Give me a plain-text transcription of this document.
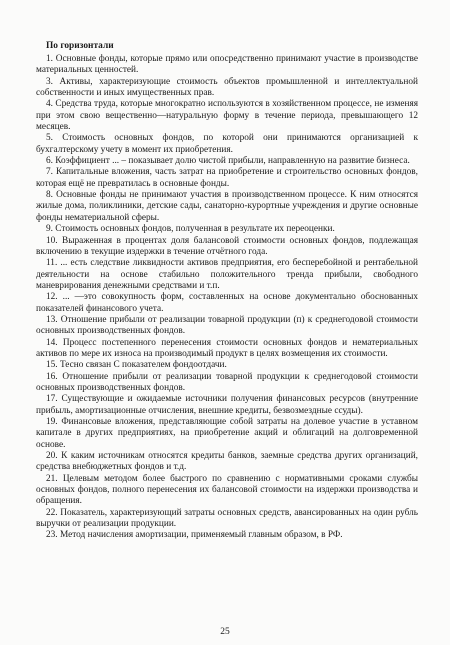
По горизонтали

1. Основные фонды, которые прямо или опосредственно принимают участие в производстве материальных ценностей.

3. Активы, характеризующие стоимость объектов промышленной и интеллектуальной собственности и иных имущественных прав.

4. Средства труда, которые многократно используются в хозяйственном процессе, не изменяя при этом свою вещественно—натуральную форму в течение периода, превышающего 12 месяцев.

5. Стоимость основных фондов, по которой они принимаются организацией к бухгалтерскому учету в момент их приобретения.

6. Коэффициент ... – показывает долю чистой прибыли, направленную на развитие бизнеса.

7. Капитальные вложения, часть затрат на приобретение и строительство основных фондов, которая ещё не превратилась в основные фонды.

8. Основные фонды не принимают участия в производственном процессе. К ним относятся жилые дома, поликлиники, детские сады, санаторно-курортные учреждения и другие основные фонды нематериальной сферы.

9. Стоимость основных фондов, полученная в результате их переоценки.

10. Выраженная в процентах доля балансовой стоимости основных фондов, подлежащая включению в текущие издержки в течение отчётного года.

11. ... есть следствие ликвидности активов предприятия, его бесперебойной и рентабельной деятельности на основе стабильно положительного тренда прибыли, свободного маневрирования денежными средствами и т.п.

12. ... —это совокупность форм, составленных на основе документально обоснованных показателей финансового учета.

13. Отношение прибыли от реализации товарной продукции (п) к среднегодовой стоимости основных производственных фондов.

14. Процесс постепенного перенесения стоимости основных фондов и нематериальных активов по мере их износа на производимый продукт в целях возмещения их стоимости.

15. Тесно связан С показателем фондоотдачи.

16. Отношение прибыли от реализации товарной продукции к среднегодовой стоимости основных производственных фондов.

17. Существующие и ожидаемые источники получения финансовых ресурсов (внутренние прибыль, амортизационные отчисления, внешние кредиты, безвозмездные ссуды).

19. Финансовые вложения, представляющие собой затраты на долевое участие в уставном капитале в других предприятиях, на приобретение акций и облигаций на долговременной основе.

20. К каким источникам относятся кредиты банков, заемные средства других организаций, средства внебюджетных фондов и т.д.

21. Целевым методом более быстрого по сравнению с нормативными сроками службы основных фондов, полного перенесения их балансовой стоимости на издержки производства и обращения.

22. Показатель, характеризующий затраты основных средств, авансированных на один рубль выручки от реализации продукции.

23. Метод начисления амортизации, применяемый главным образом, в РФ.

25
